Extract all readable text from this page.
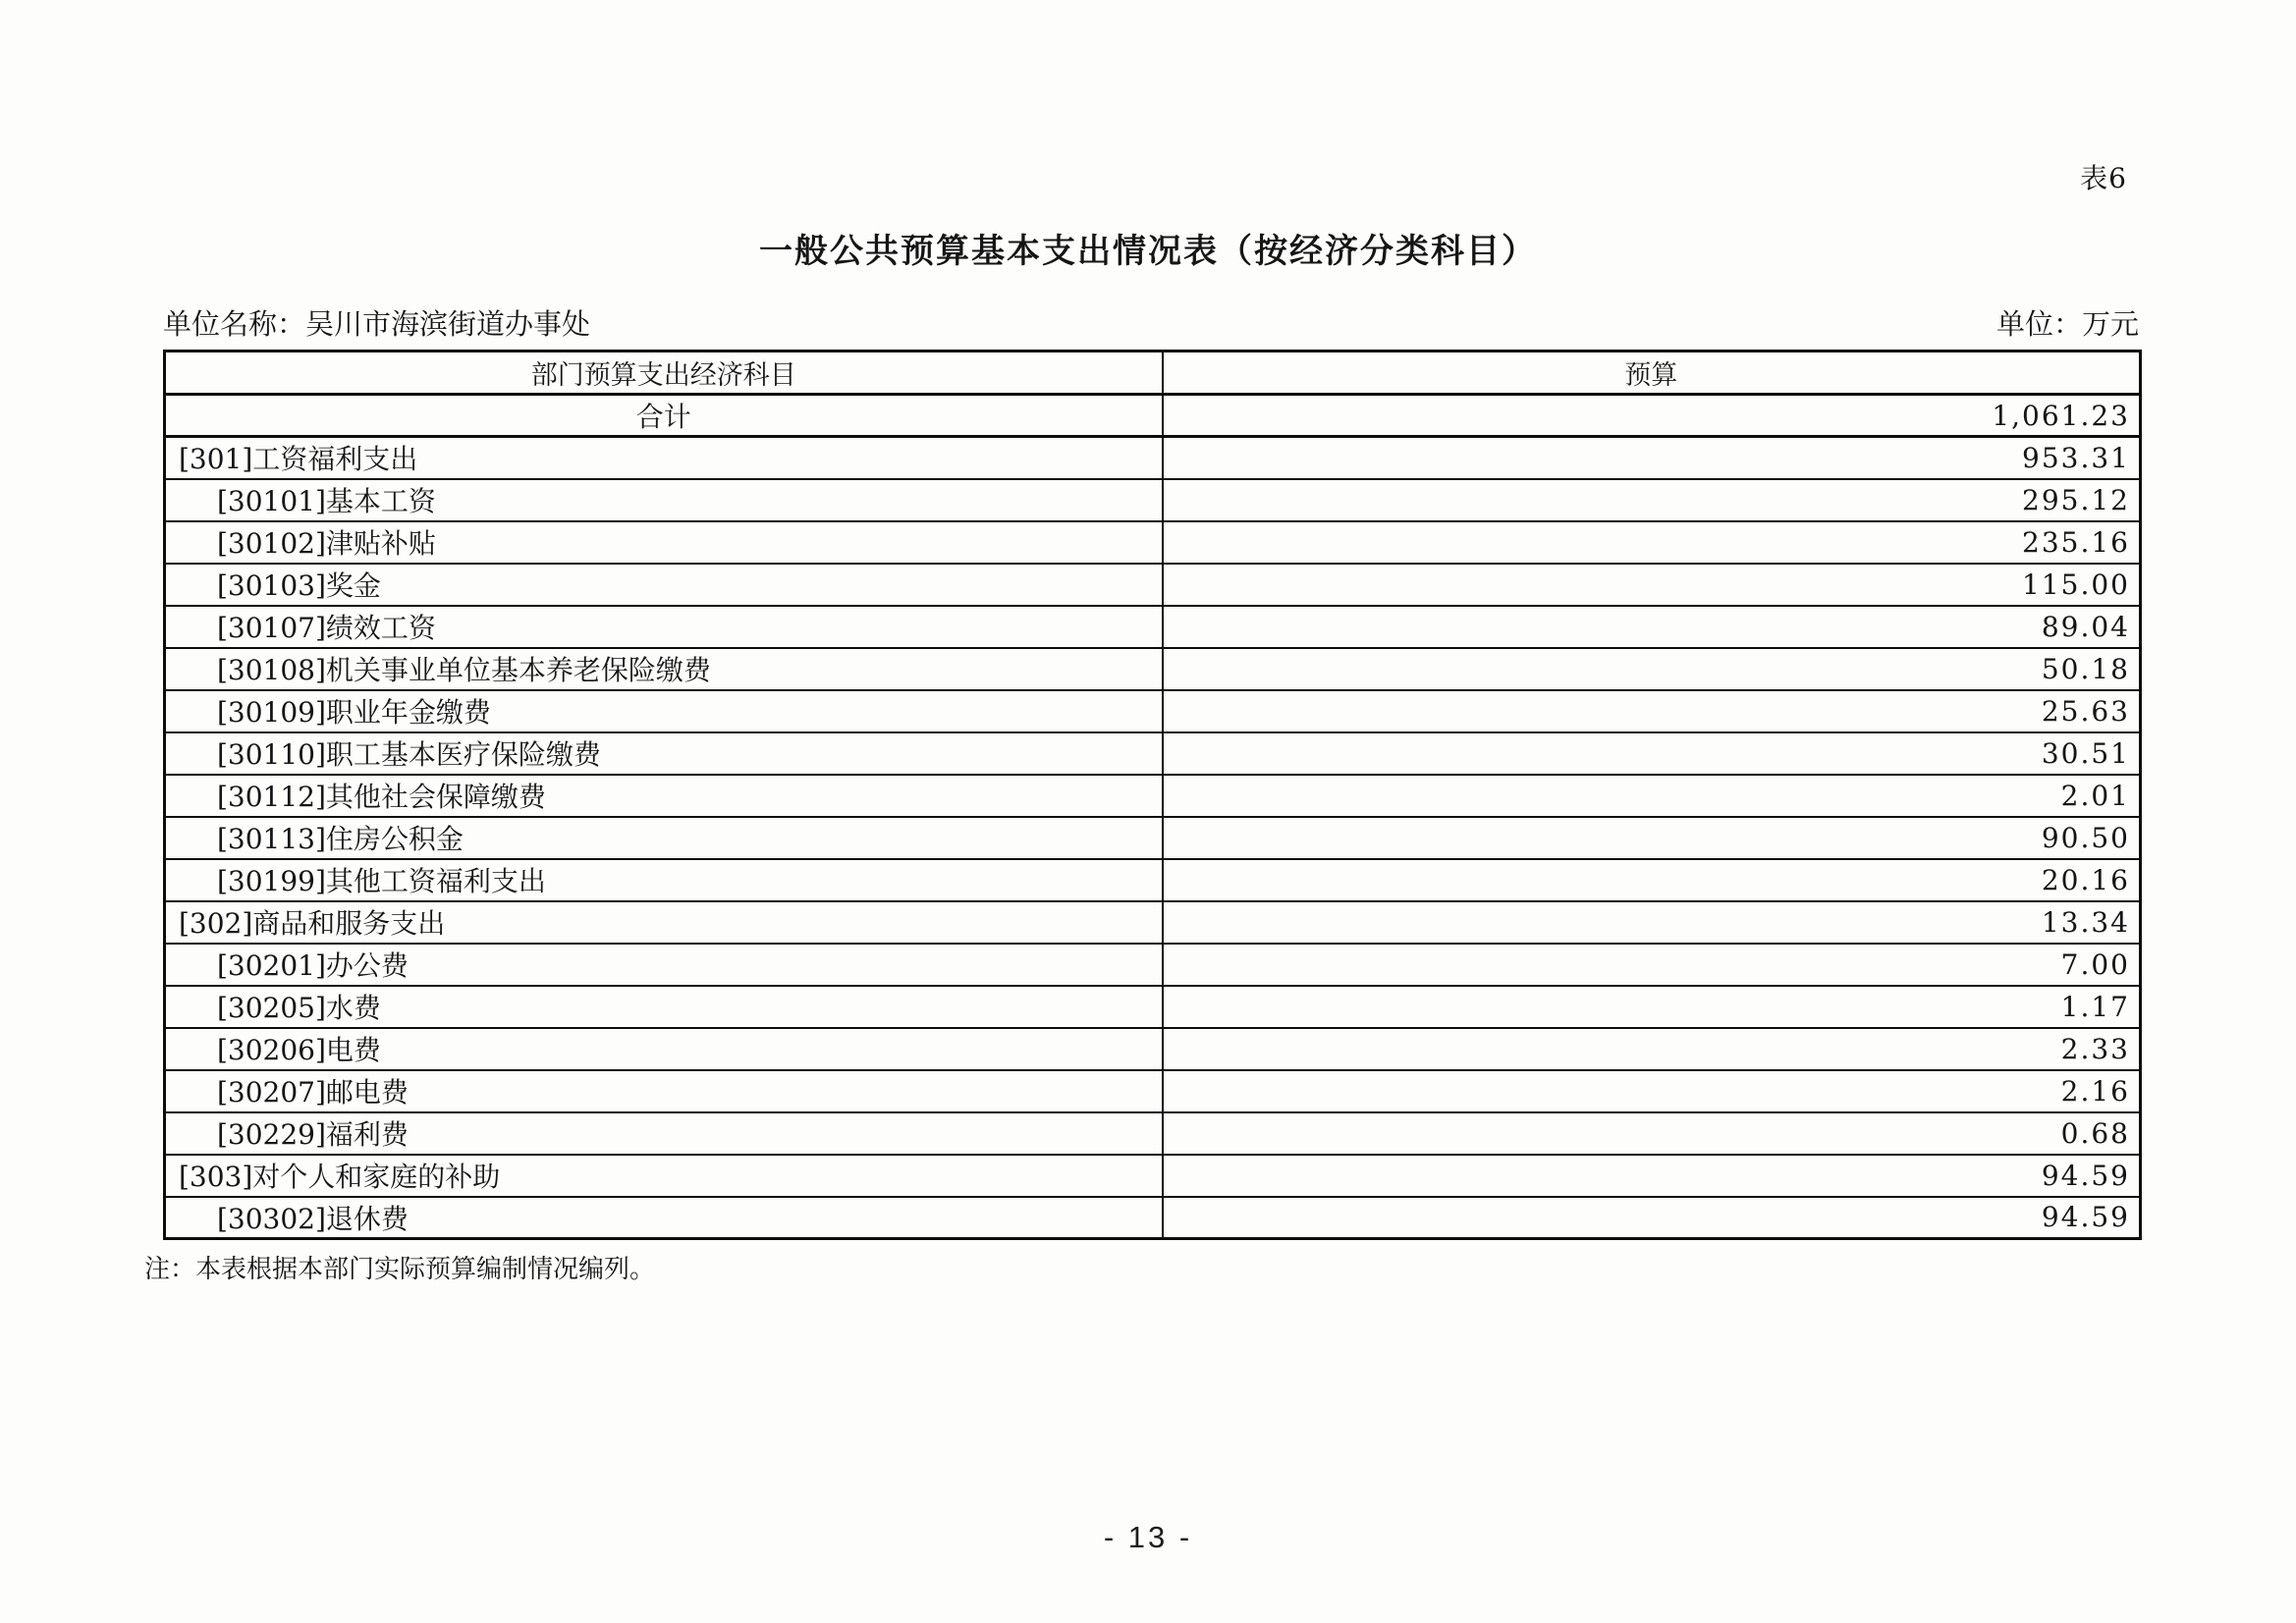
表6
一般公共预算基本支出情况表（按经济分类科目）
单位名称：吴川市海滨街道办事处	单位：万元
部门预算支出经济科目	预算
合计	1,061.23
[301]工资福利支出	953.31
[30101]基本工资	295.12
[30102]津贴补贴	235.16
[30103]奖金	115.00
[30107]绩效工资	89.04
[30108]机关事业单位基本养老保险缴费	50.18
[30109]职业年金缴费	25.63
[30110]职工基本医疗保险缴费	30.51
[30112]其他社会保障缴费	2.01
[30113]住房公积金	90.50
[30199]其他工资福利支出	20.16
[302]商品和服务支出	13.34
[30201]办公费	7.00
[30205]水费	1.17
[30206]电费	2.33
[30207]邮电费	2.16
[30229]福利费	0.68
[303]对个人和家庭的补助	94.59
[30302]退休费	94.59
注：本表根据本部门实际预算编制情况编列。
- 13 -
